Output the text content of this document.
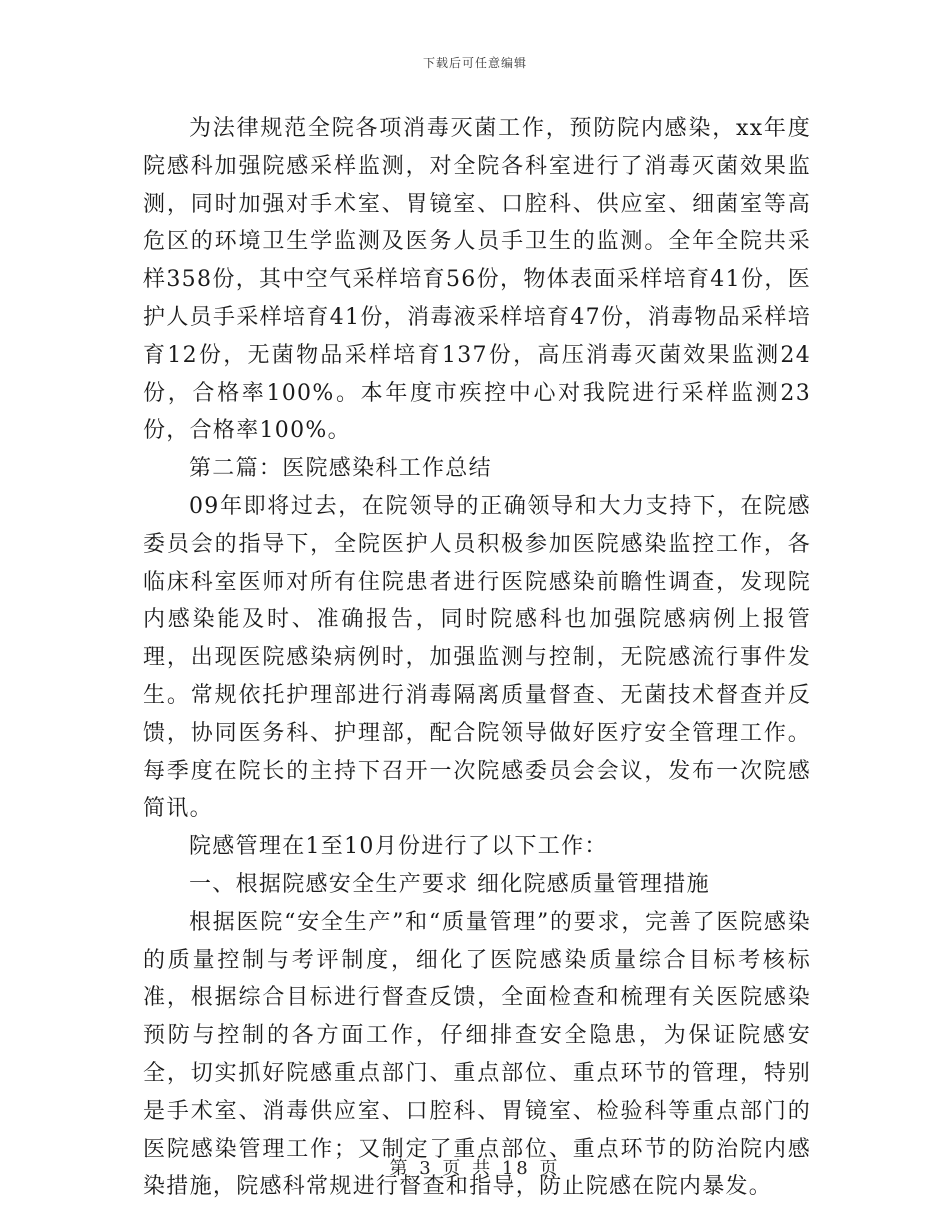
下载后可任意编辑

为法律规范全院各项消毒灭菌工作，预防院内感染，xx年度院感科加强院感采样监测，对全院各科室进行了消毒灭菌效果监测，同时加强对手术室、胃镜室、口腔科、供应室、细菌室等高危区的环境卫生学监测及医务人员手卫生的监测。全年全院共采样358份，其中空气采样培育56份，物体表面采样培育41份，医护人员手采样培育41份，消毒液采样培育47份，消毒物品采样培育12份，无菌物品采样培育137份，高压消毒灭菌效果监测24份，合格率100%。本年度市疾控中心对我院进行采样监测23份，合格率100%。

第二篇：医院感染科工作总结

09年即将过去，在院领导的正确领导和大力支持下，在院感委员会的指导下，全院医护人员积极参加医院感染监控工作，各临床科室医师对所有住院患者进行医院感染前瞻性调查，发现院内感染能及时、准确报告，同时院感科也加强院感病例上报管理，出现医院感染病例时，加强监测与控制，无院感流行事件发生。常规依托护理部进行消毒隔离质量督查、无菌技术督查并反馈，协同医务科、护理部，配合院领导做好医疗安全管理工作。每季度在院长的主持下召开一次院感委员会会议，发布一次院感简讯。

院感管理在1至10月份进行了以下工作：

一、根据院感安全生产要求 细化院感质量管理措施

根据医院“安全生产”和“质量管理”的要求，完善了医院感染的质量控制与考评制度，细化了医院感染质量综合目标考核标准，根据综合目标进行督查反馈，全面检查和梳理有关医院感染预防与控制的各方面工作，仔细排查安全隐患，为保证院感安全，切实抓好院感重点部门、重点部位、重点环节的管理，特别是手术室、消毒供应室、口腔科、胃镜室、检验科等重点部门的医院感染管理工作；又制定了重点部位、重点环节的防治院内感染措施，院感科常规进行督查和指导，防止院感在院内暴发。

第 3 页 共 18 页
